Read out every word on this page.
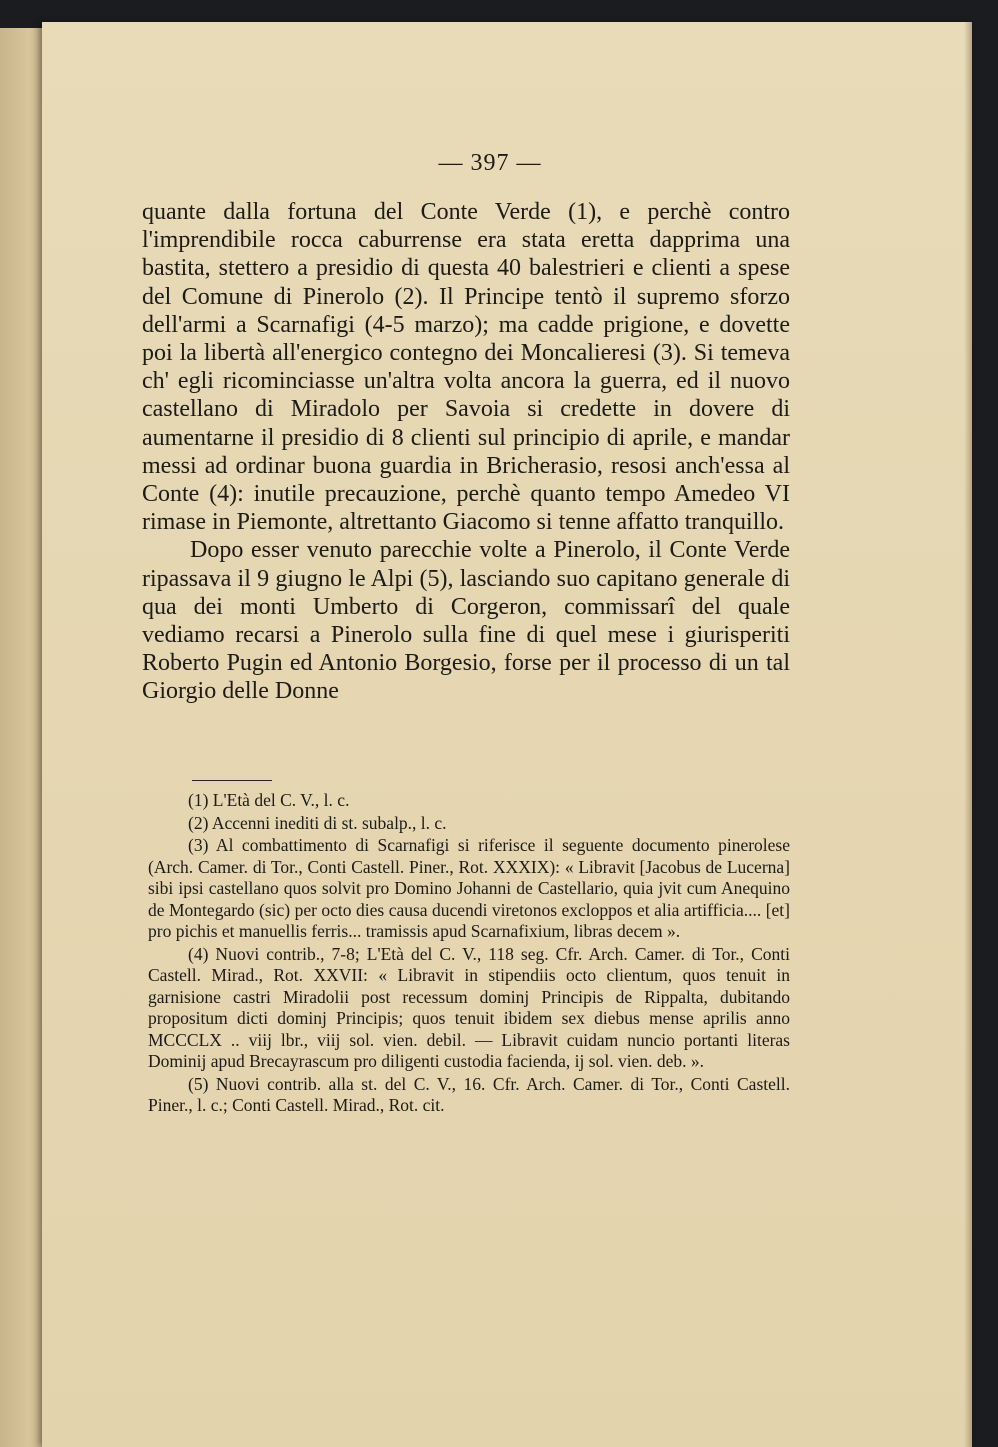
— 397 —

quante dalla fortuna del Conte Verde (1), e perchè contro l'imprendibile rocca caburrense era stata eretta dapprima una bastita, stettero a presidio di questa 40 balestrieri e clienti a spese del Comune di Pinerolo (2). Il Principe tentò il supremo sforzo dell'armi a Scarnafigi (4-5 marzo); ma cadde prigione, e dovette poi la libertà all'energico contegno dei Moncalieresi (3). Si temeva ch' egli ricominciasse un'altra volta ancora la guerra, ed il nuovo castellano di Miradolo per Savoia si credette in dovere di aumentarne il presidio di 8 clienti sul principio di aprile, e mandar messi ad ordinar buona guardia in Bricherasio, resosi anch'essa al Conte (4): inutile precauzione, perchè quanto tempo Amedeo VI rimase in Piemonte, altrettanto Giacomo si tenne affatto tranquillo.

Dopo esser venuto parecchie volte a Pinerolo, il Conte Verde ripassava il 9 giugno le Alpi (5), lasciando suo capitano generale di qua dei monti Umberto di Corgeron, commissarî del quale vediamo recarsi a Pinerolo sulla fine di quel mese i giurisperiti Roberto Pugin ed Antonio Borgesio, forse per il processo di un tal Giorgio delle Donne

(1) L'Età del C. V., l. c.

(2) Accenni inediti di st. subalp., l. c.

(3) Al combattimento di Scarnafigi si riferisce il seguente documento pinerolese (Arch. Camer. di Tor., Conti Castell. Piner., Rot. XXXIX): « Libravit [Jacobus de Lucerna] sibi ipsi castellano quos solvit pro Domino Johanni de Castellario, quia jvit cum Anequino de Montegardo (sic) per octo dies causa ducendi viretonos excloppos et alia artifficia.... [et] pro pichis et manuellis ferris... tramissis apud Scarnafixium, libras decem ».

(4) Nuovi contrib., 7-8; L'Età del C. V., 118 seg. Cfr. Arch. Camer. di Tor., Conti Castell. Mirad., Rot. XXVII: « Libravit in stipendiis octo clientum, quos tenuit in garnisione castri Miradolii post recessum dominj Principis de Rippalta, dubitando propositum dicti dominj Principis; quos tenuit ibidem sex diebus mense aprilis anno MCCCLX .. viij lbr., viij sol. vien. debil. — Libravit cuidam nuncio portanti literas Dominij apud Brecayrascum pro diligenti custodia facienda, ij sol. vien. deb. ».

(5) Nuovi contrib. alla st. del C. V., 16. Cfr. Arch. Camer. di Tor., Conti Castell. Piner., l. c.; Conti Castell. Mirad., Rot. cit.
